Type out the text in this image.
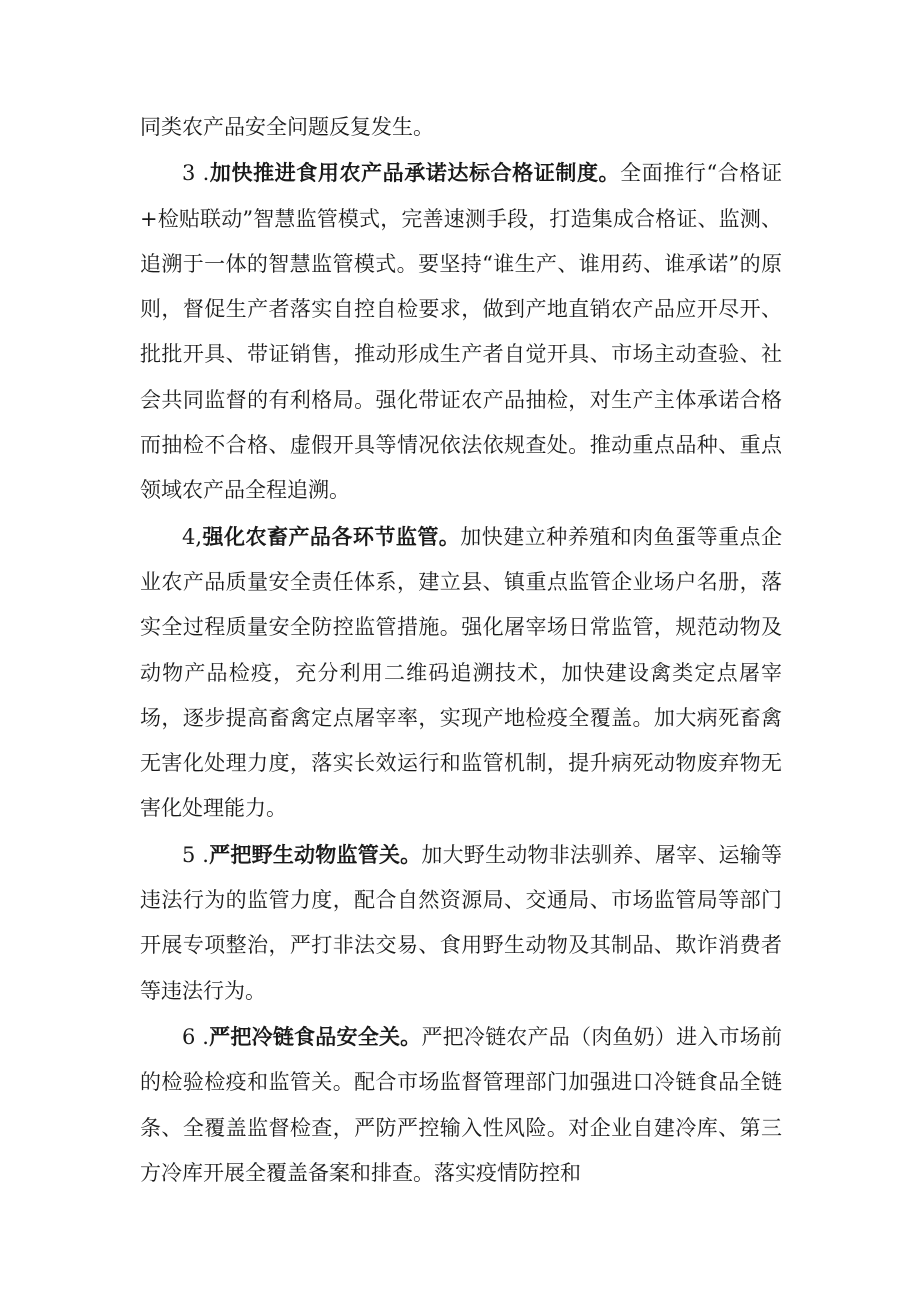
同类农产品安全问题反复发生。

3 .加快推进食用农产品承诺达标合格证制度。全面推行“合格证+检贴联动”智慧监管模式，完善速测手段，打造集成合格证、监测、追溯于一体的智慧监管模式。要坚持“谁生产、谁用药、谁承诺”的原则，督促生产者落实自控自检要求，做到产地直销农产品应开尽开、批批开具、带证销售，推动形成生产者自觉开具、市场主动查验、社会共同监督的有利格局。强化带证农产品抽检，对生产主体承诺合格而抽检不合格、虚假开具等情况依法依规查处。推动重点品种、重点领域农产品全程追溯。

4,强化农畜产品各环节监管。加快建立种养殖和肉鱼蛋等重点企业农产品质量安全责任体系，建立县、镇重点监管企业场户名册，落实全过程质量安全防控监管措施。强化屠宰场日常监管，规范动物及动物产品检疫，充分利用二维码追溯技术，加快建设禽类定点屠宰场，逐步提高畜禽定点屠宰率，实现产地检疫全覆盖。加大病死畜禽无害化处理力度，落实长效运行和监管机制，提升病死动物废弃物无害化处理能力。

5 .严把野生动物监管关。加大野生动物非法驯养、屠宰、运输等违法行为的监管力度，配合自然资源局、交通局、市场监管局等部门开展专项整治，严打非法交易、食用野生动物及其制品、欺诈消费者等违法行为。

6 .严把冷链食品安全关。严把冷链农产品（肉鱼奶）进入市场前的检验检疫和监管关。配合市场监督管理部门加强进口冷链食品全链条、全覆盖监督检查，严防严控输入性风险。对企业自建冷库、第三方冷库开展全覆盖备案和排查。落实疫情防控和
